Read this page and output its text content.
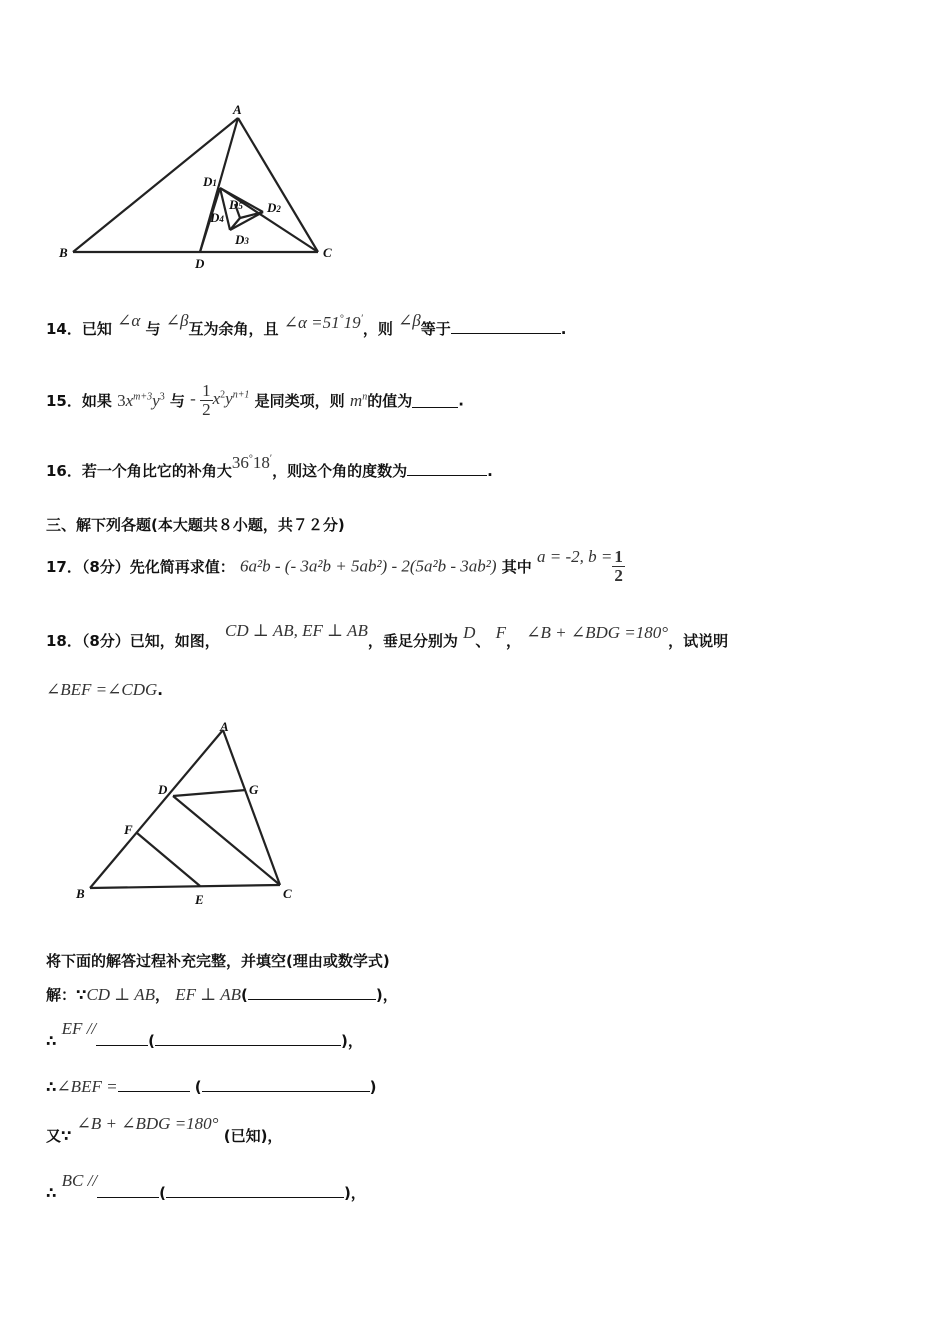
A
B	C
D
D1
D2
D3
D4
D5
14．已知 ∠α 与 ∠β互为余角，且 ∠α =51°19′，则 ∠β等于	.
15．如果 $3x^{m+3}y^3$ 与 - $\frac{1}{2} x^2y^{n+1}$ 是同类项，则 $m^n$的值为	.
16．若一个角比它的补角大36°18′，则这个角的度数为	.
三、解下列各题(本大题共８小题，共７２分)
17．（8分）先化简再求值： 6a²b - (- 3a²b + 5ab²) - 2(5a²b - 3ab²) 其中 a = -2, $b = \frac{1}{2}$
18．（8分）已知，如图， CD ⊥ AB, EF ⊥ AB，垂足分别为 D、 F， ∠B + ∠BDG =180°，试说明
∠BEF =∠CDG.
A
B	C
D
E
F
G
将下面的解答过程补充完整，并填空(理由或数学式)
解：∵CD ⊥ AB， EF ⊥ AB(	)，
∴ EF //(	)，
∴∠BEF =	(	)
又∵ ∠B + ∠BDG =180° (已知)，
∴ BC //(	)，
